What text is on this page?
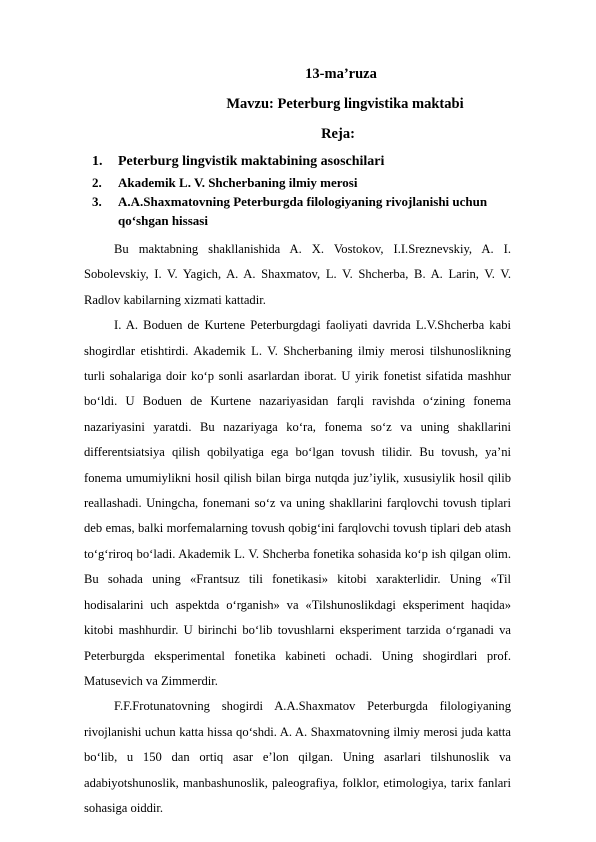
13-ma’ruza
Mavzu: Peterburg lingvistika maktabi
Reja:
1. Peterburg lingvistik maktabining asoschilari
2. Akademik L. V. Shcherbaning ilmiy merosi
3. A.A.Shaxmatovning Peterburgda filologiyaning rivojlanishi uchun qo‘shgan hissasi

Bu maktabning shakllanishida A. X. Vostokov, I.I.Sreznevskiy, A. I. Sobolevskiy, I. V. Yagich, A. A. Shaxmatov, L. V. Shcherba, B. A. Larin, V. V. Radlov kabilarning xizmati kattadir.

I. A. Boduen de Kurtene Peterburgdagi faoliyati davrida L.V.Shcherba kabi shogirdlar etishtirdi. Akademik L. V. Shcherbaning ilmiy merosi tilshunoslikning turli sohalariga doir ko‘p sonli asarlardan iborat. U yirik fonetist sifatida mashhur bo‘ldi. U Boduen de Kurtene nazariyasidan farqli ravishda o‘zining fonema nazariyasini yaratdi. Bu nazariyaga ko‘ra, fonema so‘z va uning shakllarini differentsiatsiya qilish qobilyatiga ega bo‘lgan tovush tilidir. Bu tovush, ya’ni fonema umumiylikni hosil qilish bilan birga nutqda juz’iylik, xususiylik hosil qilib reallashadi. Uningcha, fonemani so‘z va uning shakllarini farqlovchi tovush tiplari deb emas, balki morfemalarning tovush qobig‘ini farqlovchi tovush tiplari deb atash to‘g‘riroq bo‘ladi. Akademik L. V. Shcherba fonetika sohasida ko‘p ish qilgan olim. Bu sohada uning «Frantsuz tili fonetikasi» kitobi xarakterlidir. Uning «Til hodisalarini uch aspektda o‘rganish» va «Tilshunoslikdagi eksperiment haqida» kitobi mashhurdir. U birinchi bo‘lib tovushlarni eksperiment tarzida o‘rganadi va Peterburgda eksperimental fonetika kabineti ochadi. Uning shogirdlari prof. Matusevich va Zimmerdir.

F.F.Frotunatovning shogirdi A.A.Shaxmatov Peterburgda filologiyaning rivojlanishi uchun katta hissa qo‘shdi. A. A. Shaxmatovning ilmiy merosi juda katta bo‘lib, u 150 dan ortiq asar e’lon qilgan. Uning asarlari tilshunoslik va adabiyotshunoslik, manbashunoslik, paleografiya, folklor, etimologiya, tarix fanlari sohasiga oiddir.
